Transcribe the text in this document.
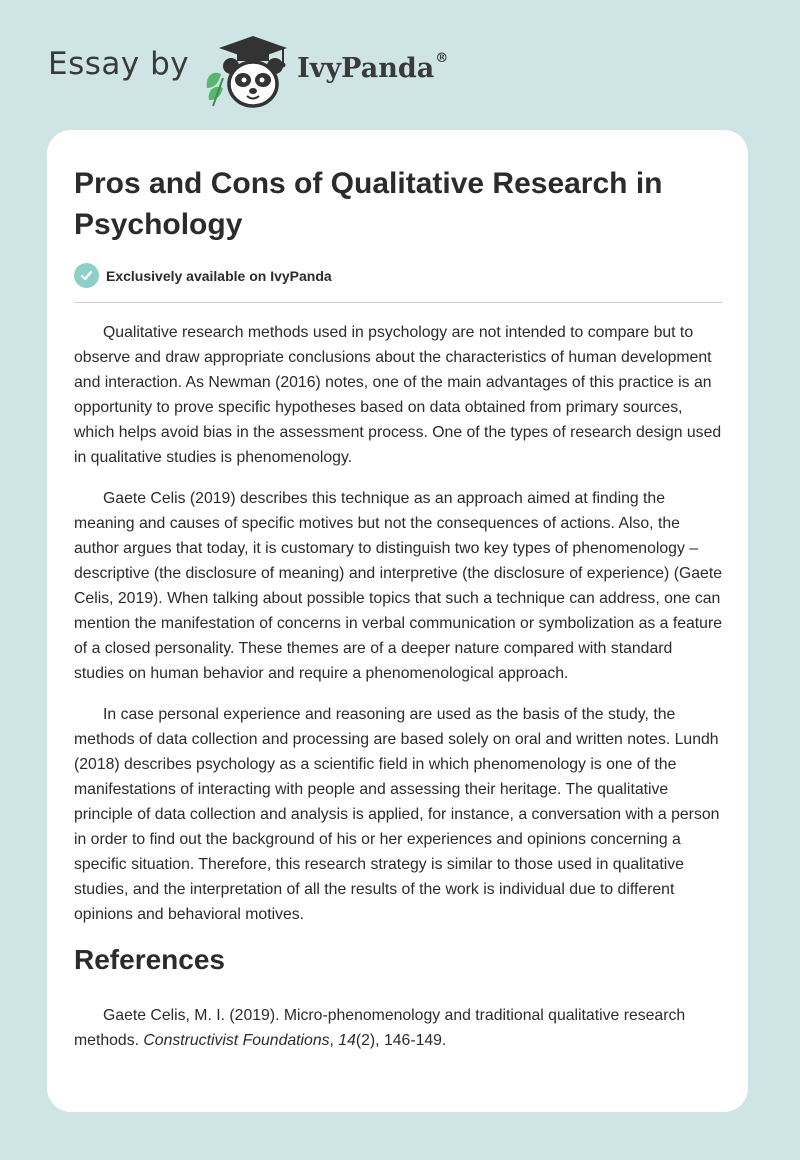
Essay by	IvyPanda®
Pros and Cons of Qualitative Research in Psychology
Exclusively available on IvyPanda

Qualitative research methods used in psychology are not intended to compare but to observe and draw appropriate conclusions about the characteristics of human development and interaction. As Newman (2016) notes, one of the main advantages of this practice is an opportunity to prove specific hypotheses based on data obtained from primary sources, which helps avoid bias in the assessment process. One of the types of research design used in qualitative studies is phenomenology.

Gaete Celis (2019) describes this technique as an approach aimed at finding the meaning and causes of specific motives but not the consequences of actions. Also, the author argues that today, it is customary to distinguish two key types of phenomenology – descriptive (the disclosure of meaning) and interpretive (the disclosure of experience) (Gaete Celis, 2019). When talking about possible topics that such a technique can address, one can mention the manifestation of concerns in verbal communication or symbolization as a feature of a closed personality. These themes are of a deeper nature compared with standard studies on human behavior and require a phenomenological approach.

In case personal experience and reasoning are used as the basis of the study, the methods of data collection and processing are based solely on oral and written notes. Lundh (2018) describes psychology as a scientific field in which phenomenology is one of the manifestations of interacting with people and assessing their heritage. The qualitative principle of data collection and analysis is applied, for instance, a conversation with a person in order to find out the background of his or her experiences and opinions concerning a specific situation. Therefore, this research strategy is similar to those used in qualitative studies, and the interpretation of all the results of the work is individual due to different opinions and behavioral motives.

References

Gaete Celis, M. I. (2019). Micro-phenomenology and traditional qualitative research methods. Constructivist Foundations, 14(2), 146-149.
